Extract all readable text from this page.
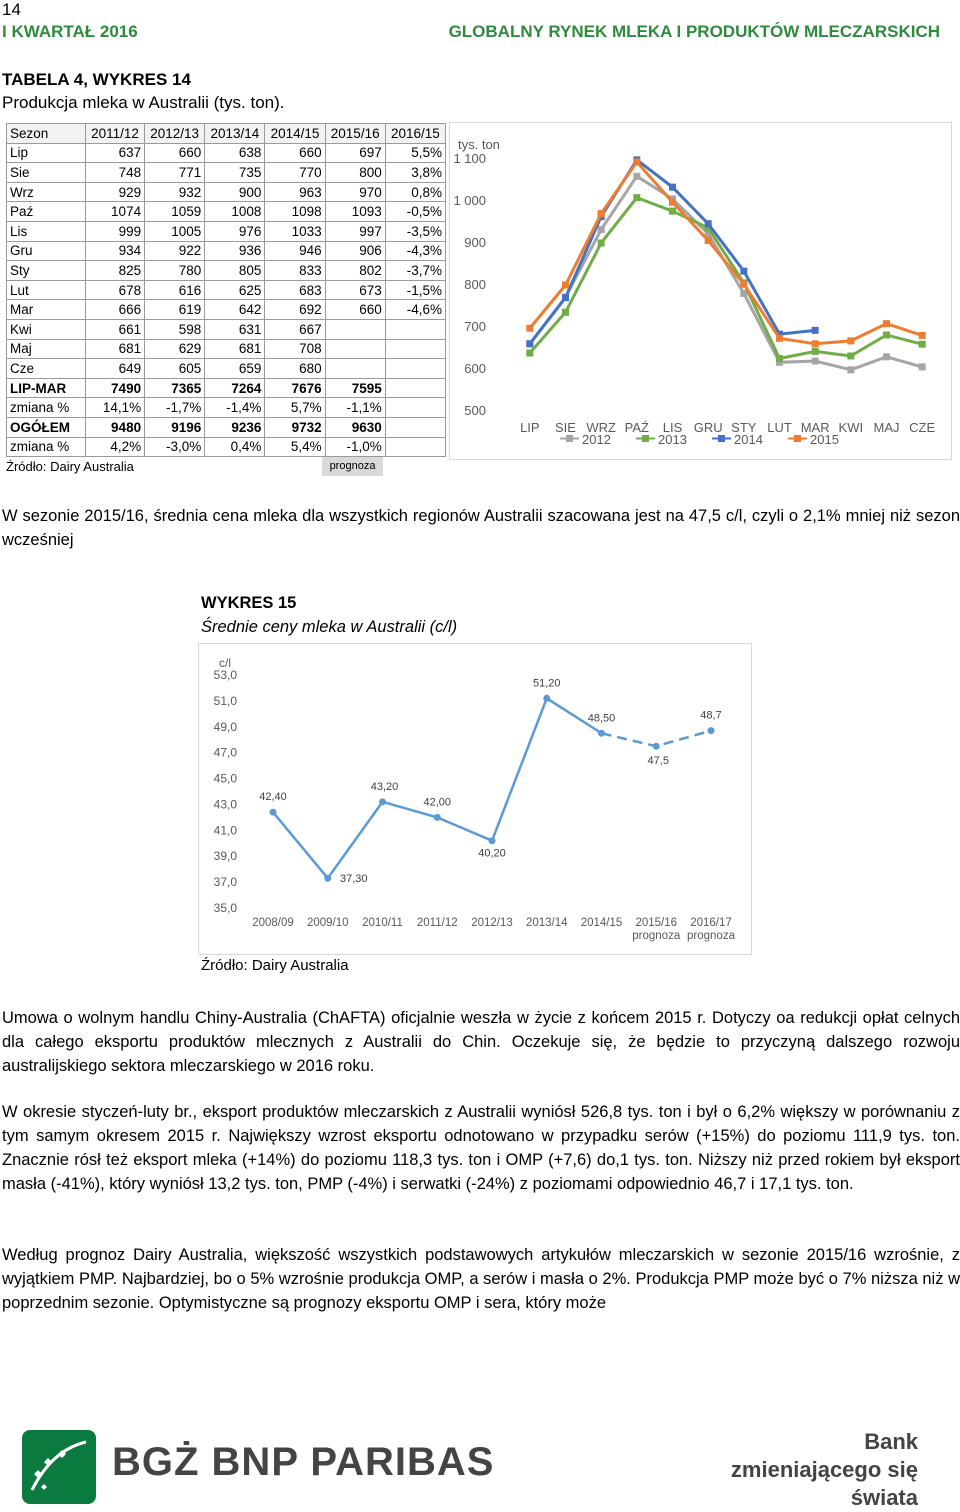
14
I KWARTAŁ 2016	GLOBALNY RYNEK MLEKA I PRODUKTÓW MLECZARSKICH
TABELA 4, WYKRES 14
Produkcja mleka w Australii (tys. ton).
Sezon	2011/12	2012/13	2013/14	2014/15	2015/16	2016/15
Lip	637	660	638	660	697	5,5%
Sie	748	771	735	770	800	3,8%
Wrz	929	932	900	963	970	0,8%
Paź	1074	1059	1008	1098	1093	-0,5%
Lis	999	1005	976	1033	997	-3,5%
Gru	934	922	936	946	906	-4,3%
Sty	825	780	805	833	802	-3,7%
Lut	678	616	625	683	673	-1,5%
Mar	666	619	642	692	660	-4,6%
Kwi	661	598	631	667		
Maj	681	629	681	708		
Cze	649	605	659	680		
LIP-MAR	7490	7365	7264	7676	7595	
zmiana %	14,1%	-1,7%	-1,4%	5,7%	-1,1%	
OGÓŁEM	9480	9196	9236	9732	9630	
zmiana %	4,2%	-3,0%	0,4%	5,4%	-1,0%	
Źródło: Dairy Australia	prognoza
tys. ton
500
600
700
800
900
1 000
1 100
LIP SIE WRZ PAŹ LIS GRU STY LUT MAR KWI MAJ CZE
2012	2013	2014	2015
W sezonie 2015/16, średnia cena mleka dla wszystkich regionów Australii szacowana jest na 47,5 c/l, czyli o 2,1% mniej niż sezon wcześniej
WYKRES 15
Średnie ceny mleka w Australii (c/l)
c/l
35,0
37,0
39,0
41,0
43,0
45,0
47,0
49,0
51,0
53,0
2008/09 2009/10 2010/11 2011/12 2012/13 2013/14 2014/15 2015/16
prognoza
2016/17
prognoza
42,40
37,30
43,20
42,00
40,20
51,20
48,50
47,5
48,7
Źródło: Dairy Australia
Umowa o wolnym handlu Chiny-Australia (ChAFTA) oficjalnie weszła w życie z końcem 2015 r. Dotyczy oa redukcji opłat celnych dla całego eksportu produktów mlecznych z Australii do Chin. Oczekuje się, że będzie to przyczyną dalszego rozwoju australijskiego sektora mleczarskiego w 2016 roku.
W okresie styczeń-luty br., eksport produktów mleczarskich z Australii wyniósł 526,8 tys. ton i był o 6,2% większy w porównaniu z tym samym okresem 2015 r. Największy wzrost eksportu odnotowano w przypadku serów (+15%) do poziomu 111,9 tys. ton. Znacznie rósł też eksport mleka (+14%) do poziomu 118,3 tys. ton i OMP (+7,6) do,1 tys. ton. Niższy niż przed rokiem był eksport masła (-41%), który wyniósł 13,2 tys. ton, PMP (-4%) i serwatki (-24%) z poziomami odpowiednio 46,7 i 17,1 tys. ton.
Według prognoz Dairy Australia, większość wszystkich podstawowych artykułów mleczarskich w sezonie 2015/16 wzrośnie, z wyjątkiem PMP. Najbardziej, bo o 5% wzrośnie produkcja OMP, a serów i masła o 2%. Produkcja PMP może być o 7% niższa niż w poprzednim sezonie. Optymistyczne są prognozy eksportu OMP i sera, który może
BGŻ BNP PARIBAS	Bank
zmieniającego się
świata
